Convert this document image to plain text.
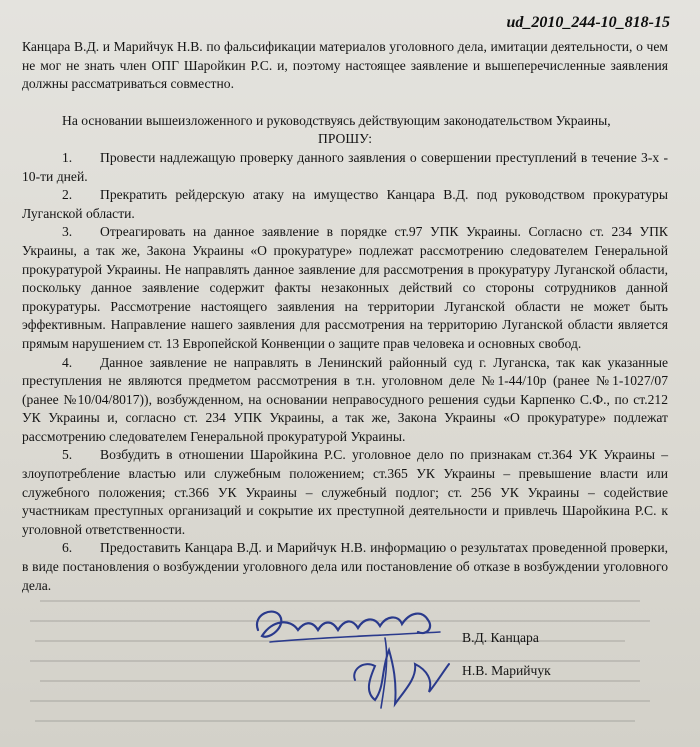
ud_2010_244-10_818-15

Канцара В.Д. и Марийчук Н.В. по фальсификации материалов уголовного дела, имитации деятельности, о чем не мог не знать член ОПГ Шаройкин Р.С. и, поэтому настоящее заявление и вышеперечисленные заявления должны рассматриваться совместно.

На основании вышеизложенного и руководствуясь действующим законодательством Украины,

ПРОШУ:

1. Провести надлежащую проверку данного заявления о совершении преступлений в течение 3-х - 10-ти дней.

2. Прекратить рейдерскую атаку на имущество Канцара В.Д. под руководством прокуратуры Луганской области.

3. Отреагировать на данное заявление в порядке ст.97 УПК Украины. Согласно ст. 234 УПК Украины, а так же, Закона Украины «О прокуратуре» подлежат рассмотрению следователем Генеральной прокуратурой Украины. Не направлять данное заявление для рассмотрения в прокуратуру Луганской области, поскольку данное заявление содержит факты незаконных действий со стороны сотрудников данной прокуратуры. Рассмотрение настоящего заявления на территории Луганской области не может быть эффективным. Направление нашего заявления для рассмотрения на территорию Луганской области является прямым нарушением ст. 13 Европейской Конвенции о защите прав человека и основных свобод.

4. Данное заявление не направлять в Ленинский районный суд г. Луганска, так как указанные преступления не являются предметом рассмотрения в т.н. уголовном деле №1-44/10р (ранее №1-1027/07 (ранее №10/04/8017)), возбужденном, на основании неправосудного решения судьи Карпенко С.Ф., по ст.212 УК Украины и, согласно ст. 234 УПК Украины, а так же, Закона Украины «О прокуратуре» подлежат рассмотрению следователем Генеральной прокуратурой Украины.

5. Возбудить в отношении Шаройкина Р.С. уголовное дело по признакам ст.364 УК Украины – злоупотребление властью или служебным положением; ст.365 УК Украины – превышение власти или служебного положения; ст.366 УК Украины – служебный подлог; ст. 256 УК Украины – содействие участникам преступных организаций и сокрытие их преступной деятельности и привлечь Шаройкина Р.С. к уголовной ответственности.

6. Предоставить Канцара В.Д. и Марийчук Н.В. информацию о результатах проведенной проверки, в виде постановления о возбуждении уголовного дела или постановление об отказе в возбуждении уголовного дела.

В.Д. Канцара
Н.В. Марийчук
